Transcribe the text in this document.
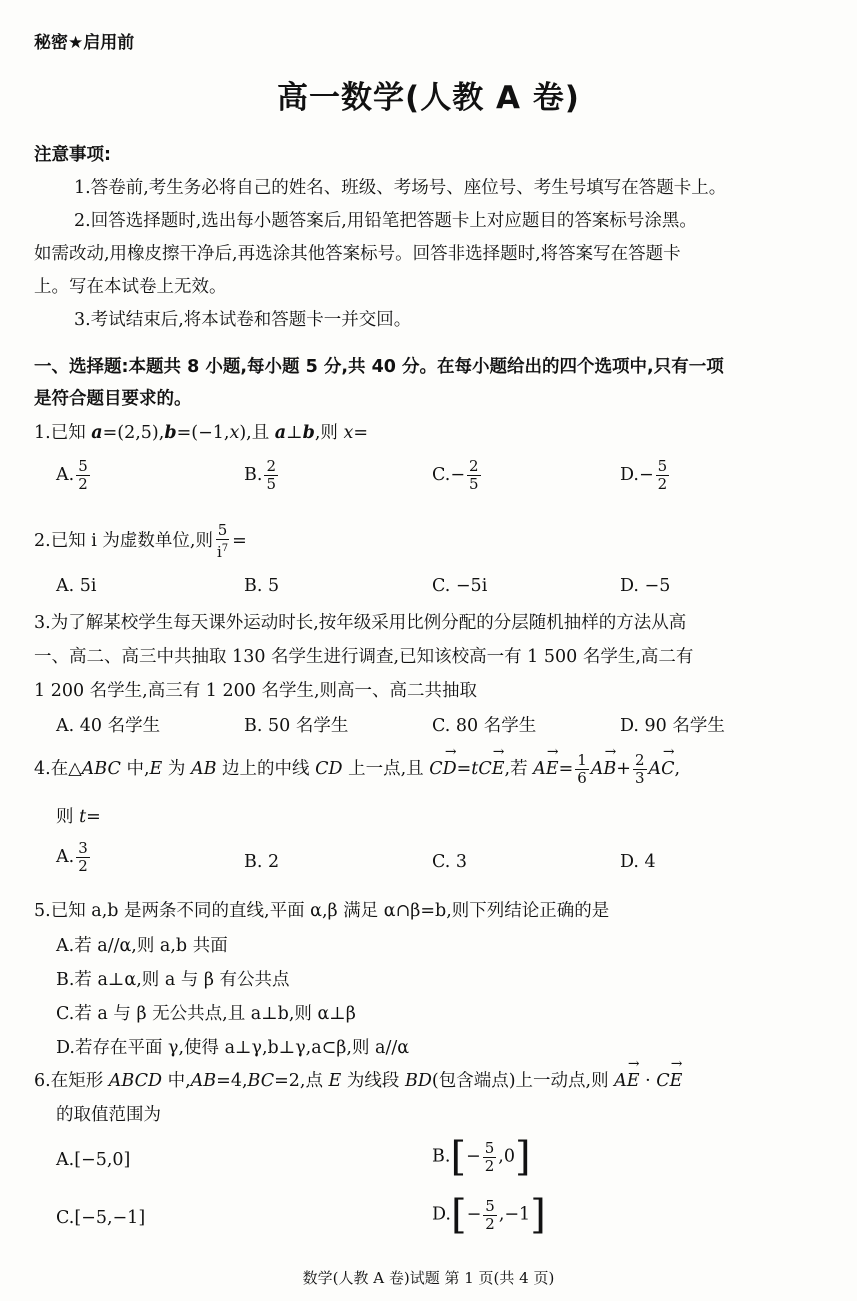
秘密★启用前
高一数学(人教 A 卷)
注意事项:
1.答卷前,考生务必将自己的姓名、班级、考场号、座位号、考生号填写在答题卡上。
2.回答选择题时,选出每小题答案后,用铅笔把答题卡上对应题目的答案标号涂黑。
如需改动,用橡皮擦干净后,再选涂其他答案标号。回答非选择题时,将答案写在答题卡
上。写在本试卷上无效。
3.考试结束后,将本试卷和答题卡一并交回。
一、选择题:本题共 8 小题,每小题 5 分,共 40 分。在每小题给出的四个选项中,只有一项
是符合题目要求的。
1.已知 a=(2,5),b=(−1,x),且 a⊥b,则 x=
A. $\frac{5}{2}$	B. $\frac{2}{5}$	$C.- \frac{2}{5}$	$D.- \frac{5}{2}$
2.已知 i 为虚数单位,则 $\frac{5}{i^7}$ =
A. 5i	B. 5	C. −5i	D. −5
3.为了解某校学生每天课外运动时长,按年级采用比例分配的分层随机抽样的方法从高
一、高二、高三中共抽取 130 名学生进行调查,已知该校高一有 1 500 名学生,高二有
1 200 名学生,高三有 1 200 名学生,则高一、高二共抽取
A. 40 名学生	B. 50 名学生	C. 80 名学生	D. 90 名学生
4.在△ABC 中,E 为 AB 边上的中线 CD 上一点,且 → CD=t→ CE,若 → $AE= \frac{1}{6}$
→ $AB+ \frac{2}{3}$
→ AC,
则 t=
A. $\frac{3}{2}$	B. 2	C. 3	D. 4
5.已知 a,b 是两条不同的直线,平面 α,β 满足 α∩β=b,则下列结论正确的是
A.若 a//α,则 a,b 共面
B.若 a⊥α,则 a 与 β 有公共点
C.若 a 与 β 无公共点,且 a⊥b,则 α⊥β
D.若存在平面 γ,使得 a⊥γ,b⊥γ,a⊂β,则 a//α
6.在矩形 ABCD 中,AB=4,BC=2,点 E 为线段 BD(包含端点)上一动点,则 → AE · → CE
的取值范围为
A.[−5,0]	$B.[- \frac{5}{2} ,0]$
C.[−5,−1]	$D.[- \frac{5}{2} ,-1]$
数学(人教 A 卷)试题 第 1 页(共 4 页)
